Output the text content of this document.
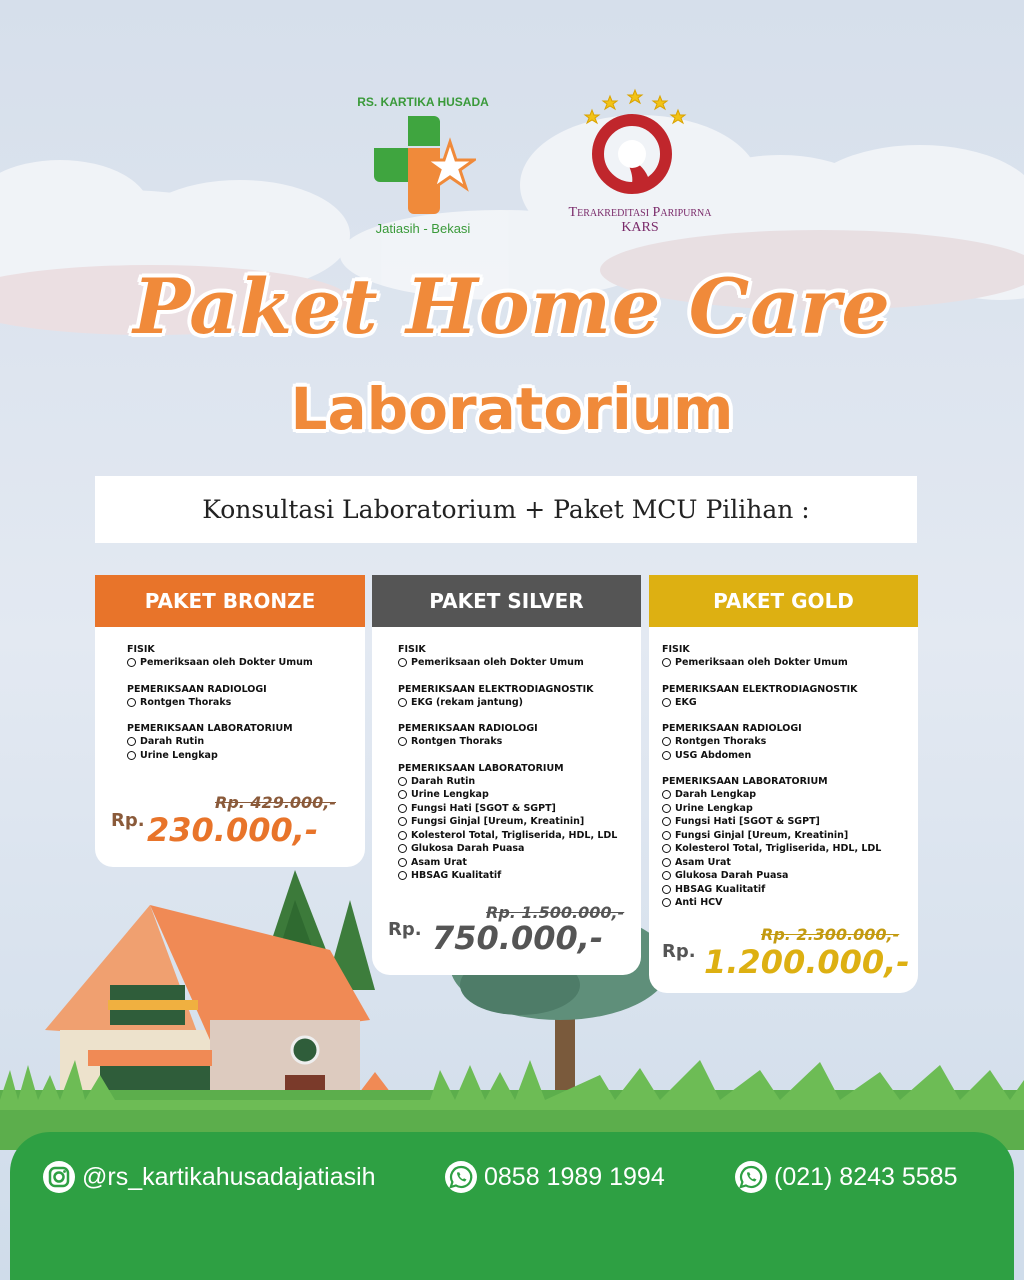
RS. KARTIKA HUSADA
Jatiasih - Bekasi
Terakreditasi Paripurna
KARS
Paket Home Care
Laboratorium
Konsultasi Laboratorium + Paket MCU Pilihan :
PAKET BRONZE
FISIK
Pemeriksaan oleh Dokter Umum
PEMERIKSAAN RADIOLOGI
Rontgen Thoraks
PEMERIKSAAN LABORATORIUM
Darah Rutin
Urine Lengkap
Rp. 429.000,-
Rp. 230.000,-
PAKET SILVER
FISIK
Pemeriksaan oleh Dokter Umum
PEMERIKSAAN ELEKTRODIAGNOSTIK
EKG (rekam jantung)
PEMERIKSAAN RADIOLOGI
Rontgen Thoraks
PEMERIKSAAN LABORATORIUM
Darah Rutin
Urine Lengkap
Fungsi Hati [SGOT & SGPT]
Fungsi Ginjal [Ureum, Kreatinin]
Kolesterol Total, Trigliserida, HDL, LDL
Glukosa Darah Puasa
Asam Urat
HBSAG Kualitatif
Rp. 1.500.000,-
Rp. 750.000,-
PAKET GOLD
FISIK
Pemeriksaan oleh Dokter Umum
PEMERIKSAAN ELEKTRODIAGNOSTIK
EKG
PEMERIKSAAN RADIOLOGI
Rontgen Thoraks
USG Abdomen
PEMERIKSAAN LABORATORIUM
Darah Lengkap
Urine Lengkap
Fungsi Hati [SGOT & SGPT]
Fungsi Ginjal [Ureum, Kreatinin]
Kolesterol Total, Trigliserida, HDL, LDL
Asam Urat
Glukosa Darah Puasa
HBSAG Kualitatif
Anti HCV
Rp. 2.300.000,-
Rp. 1.200.000,-
@rs_kartikahusadajatiasih	0858 1989 1994	(021) 8243 5585
